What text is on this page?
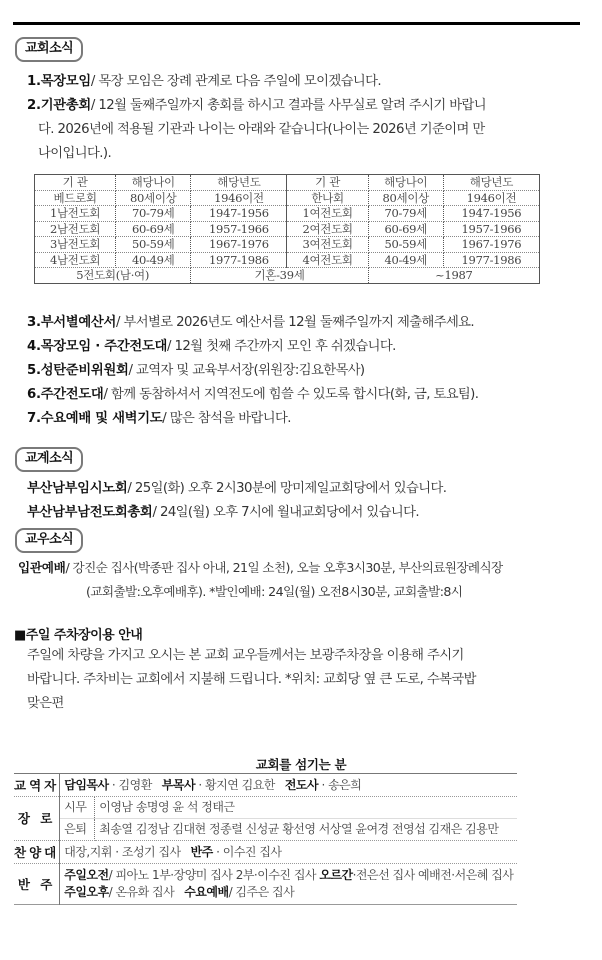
교회소식
1.목장모임/ 목장 모임은 장례 관계로 다음 주일에 모이겠습니다.
2.기관총회/ 12월 둘째주일까지 총회를 하시고 결과를 사무실로 알려 주시기 바랍니
다. 2026년에 적용될 기관과 나이는 아래와 같습니다(나이는 2026년 기준이며 만
나이입니다.).
기 관	해당나이	해당년도	기 관	해당나이	해당년도
베드로회	80세이상	1946이전	한나회	80세이상	1946이전
1남전도회	70-79세	1947-1956	1여전도회	70-79세	1947-1956
2남전도회	60-69세	1957-1966	2여전도회	60-69세	1957-1966
3남전도회	50-59세	1967-1976	3여전도회	50-59세	1967-1976
4남전도회	40-49세	1977-1986	4여전도회	40-49세	1977-1986
5전도회(남·여)		기혼-39세		~1987	
3.부서별예산서/ 부서별로 2026년도 예산서를 12월 둘째주일까지 제출해주세요.
4.목장모임 · 주간전도대/ 12월 첫째 주간까지 모인 후 쉬겠습니다.
5.성탄준비위원회/ 교역자 및 교육부서장(위원장:김요한목사)
6.주간전도대/ 함께 동참하셔서 지역전도에 힘쓸 수 있도록 합시다(화, 금, 토요팀).
7.수요예배 및 새벽기도/ 많은 참석을 바랍니다.
교계소식
부산남부임시노회/ 25일(화) 오후 2시30분에 망미제일교회당에서 있습니다.
부산남부남전도회총회/ 24일(월) 오후 7시에 월내교회당에서 있습니다.
교우소식
입관예배/ 강진순 집사(박종판 집사 아내, 21일 소천), 오늘 오후3시30분, 부산의료원장례식장
(교회출발:오후예배후). *발인예배: 24일(월) 오전8시30분, 교회출발:8시
■주일 주차장이용 안내
주일에 차량을 가지고 오시는 본 교회 교우들께서는 보광주차장을 이용해 주시기
바랍니다. 주차비는 교회에서 지불해 드립니다. *위치: 교회당 옆 큰 도로, 수복국밥
맞은편
교회를 섬기는 분
교역자	담임목사 · 김영환 부목사 · 황지연 김요한 전도사 · 송은희	
장 로	시무	이영남 송명영 윤 석 정태근
	은퇴	최송열 김정남 김대현 정종렬 신성균 황선영 서상열 윤여경 전영섭 김재은 김용만
찬양대	대장,지휘 · 조성기 집사 반주 · 이수진 집사	
반 주	주일오전/ 피아노 1부·장양미 집사 2부·이수진 집사 오르간·전은선 집사 예배전·서은혜 집사
주일오후/ 온유화 집사   수요예배/ 김주은 집사	
